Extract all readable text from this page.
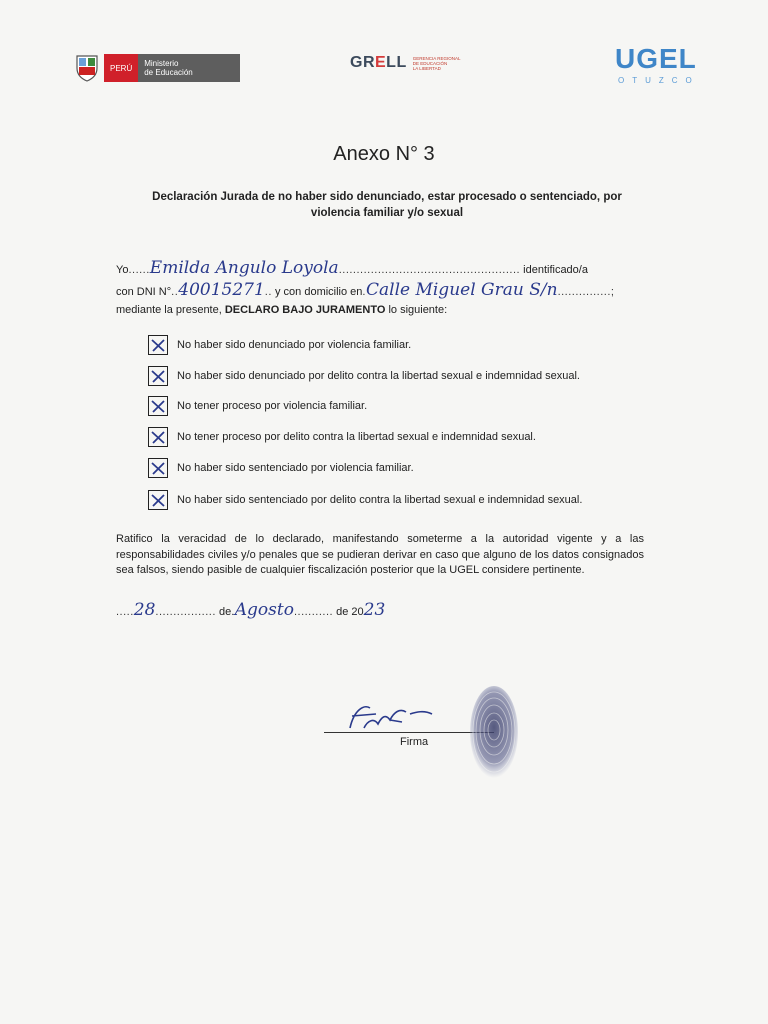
PERÚ	Ministerio
de Educación
GRELL GERENCIA REGIONAL
DE EDUCACIÓN
LA LIBERTAD	UGEL
OTUZCO
Anexo N° 3
Declaración Jurada de no haber sido denunciado, estar procesado o sentenciado, por violencia familiar y/o sexual
Yo......Emilda Angulo Loyola................................................... identificado/a
con DNI N°..40015271.. y con domicilio en.Calle Miguel Grau S/n...............;
mediante la presente, DECLARO BAJO JURAMENTO lo siguiente:
No haber sido denunciado por violencia familiar.
No haber sido denunciado por delito contra la libertad sexual e indemnidad sexual.
No tener proceso por violencia familiar.
No tener proceso por delito contra la libertad sexual e indemnidad sexual.
No haber sido sentenciado por violencia familiar.
No haber sido sentenciado por delito contra la libertad sexual e indemnidad sexual.
Ratifico la veracidad de lo declarado, manifestando someterme a la autoridad vigente y a las responsabilidades civiles y/o penales que se pudieran derivar en caso que alguno de los datos consignados sea falsos, siendo pasible de cualquier fiscalización posterior que la UGEL considere pertinente.
.....28................. de.Agosto........... de 2023
Firma
